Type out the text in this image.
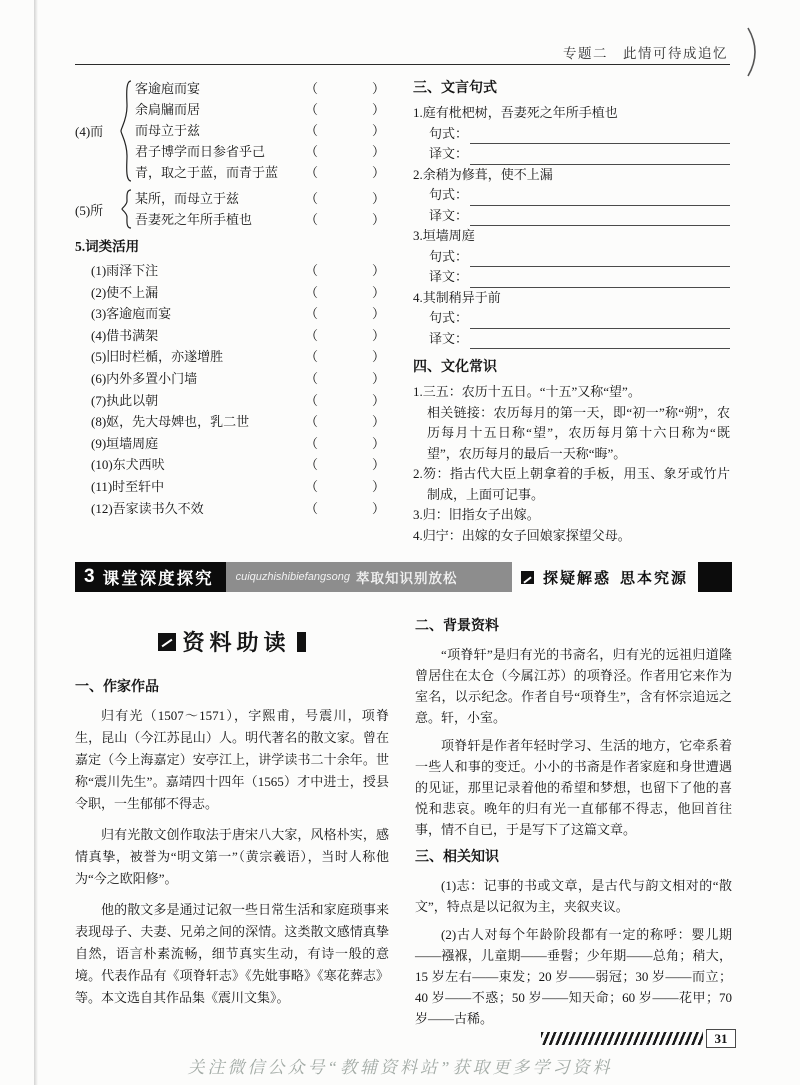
专题二　此情可待成追忆
(4)而
客逾庖而宴	（	）
余扃牖而居	（	）
而母立于兹	（	）
君子博学而日参省乎己	（	）
青，取之于蓝，而青于蓝	（	）
(5)所
某所，而母立于兹	（	）
吾妻死之年所手植也	（	）
5.词类活用
(1)雨泽下注	（	）
(2)使不上漏	（	）
(3)客逾庖而宴	（	）
(4)借书满架	（	）
(5)旧时栏楯，亦遂增胜	（	）
(6)内外多置小门墙	（	）
(7)执此以朝	（	）
(8)妪，先大母婢也，乳二世	（	）
(9)垣墙周庭	（	）
(10)东犬西吠	（	）
(11)时至轩中	（	）
(12)吾家读书久不效	（	）
三、文言句式
1.庭有枇杷树，吾妻死之年所手植也
句式：
译文：
2.余稍为修葺，使不上漏
句式：
译文：
3.垣墙周庭
句式：
译文：
4.其制稍异于前
句式：
译文：
四、文化常识
1.三五：农历十五日。“十五”又称“望”。
相关链接：农历每月的第一天，即“初一”称“朔”，农历每月十五日称“望”，农历每月第十六日称为“既望”，农历每月的最后一天称“晦”。
2.笏：指古代大臣上朝拿着的手板，用玉、象牙或竹片制成，上面可记事。
3.归：旧指女子出嫁。
4.归宁：出嫁的女子回娘家探望父母。
3 课堂深度探究 cuiquzhishibiefangsong 萃取知识别放松	探疑解惑 思本究源
资料助读
一、作家作品

归有光（1507～1571），字熙甫，号震川，项脊生，昆山（今江苏昆山）人。明代著名的散文家。曾在嘉定（今上海嘉定）安亭江上，讲学读书二十余年。世称“震川先生”。嘉靖四十四年（1565）才中进士，授县令职，一生郁郁不得志。

归有光散文创作取法于唐宋八大家，风格朴实，感情真挚，被誉为“明文第一”（黄宗羲语），当时人称他为“今之欧阳修”。

他的散文多是通过记叙一些日常生活和家庭琐事来表现母子、夫妻、兄弟之间的深情。这类散文感情真挚自然，语言朴素流畅，细节真实生动，有诗一般的意境。代表作品有《项脊轩志》《先妣事略》《寒花葬志》等。本文选自其作品集《震川文集》。

二、背景资料

“项脊轩”是归有光的书斋名，归有光的远祖归道隆曾居住在太仓（今属江苏）的项脊泾。作者用它来作为室名，以示纪念。作者自号“项脊生”，含有怀宗追远之意。轩，小室。

项脊轩是作者年轻时学习、生活的地方，它牵系着一些人和事的变迁。小小的书斋是作者家庭和身世遭遇的见证，那里记录着他的希望和梦想，也留下了他的喜悦和悲哀。晚年的归有光一直郁郁不得志，他回首往事，情不自已，于是写下了这篇文章。

三、相关知识

(1)志：记事的书或文章，是古代与韵文相对的“散文”，特点是以记叙为主，夹叙夹议。

(2)古人对每个年龄阶段都有一定的称呼：婴儿期——襁褓，儿童期——垂髫；少年期——总角；稍大，15 岁左右——束发；20 岁——弱冠；30 岁——而立；40 岁——不惑；50 岁——知天命；60 岁——花甲；70 岁——古稀。

31
关注微信公众号“教辅资料站”获取更多学习资料
